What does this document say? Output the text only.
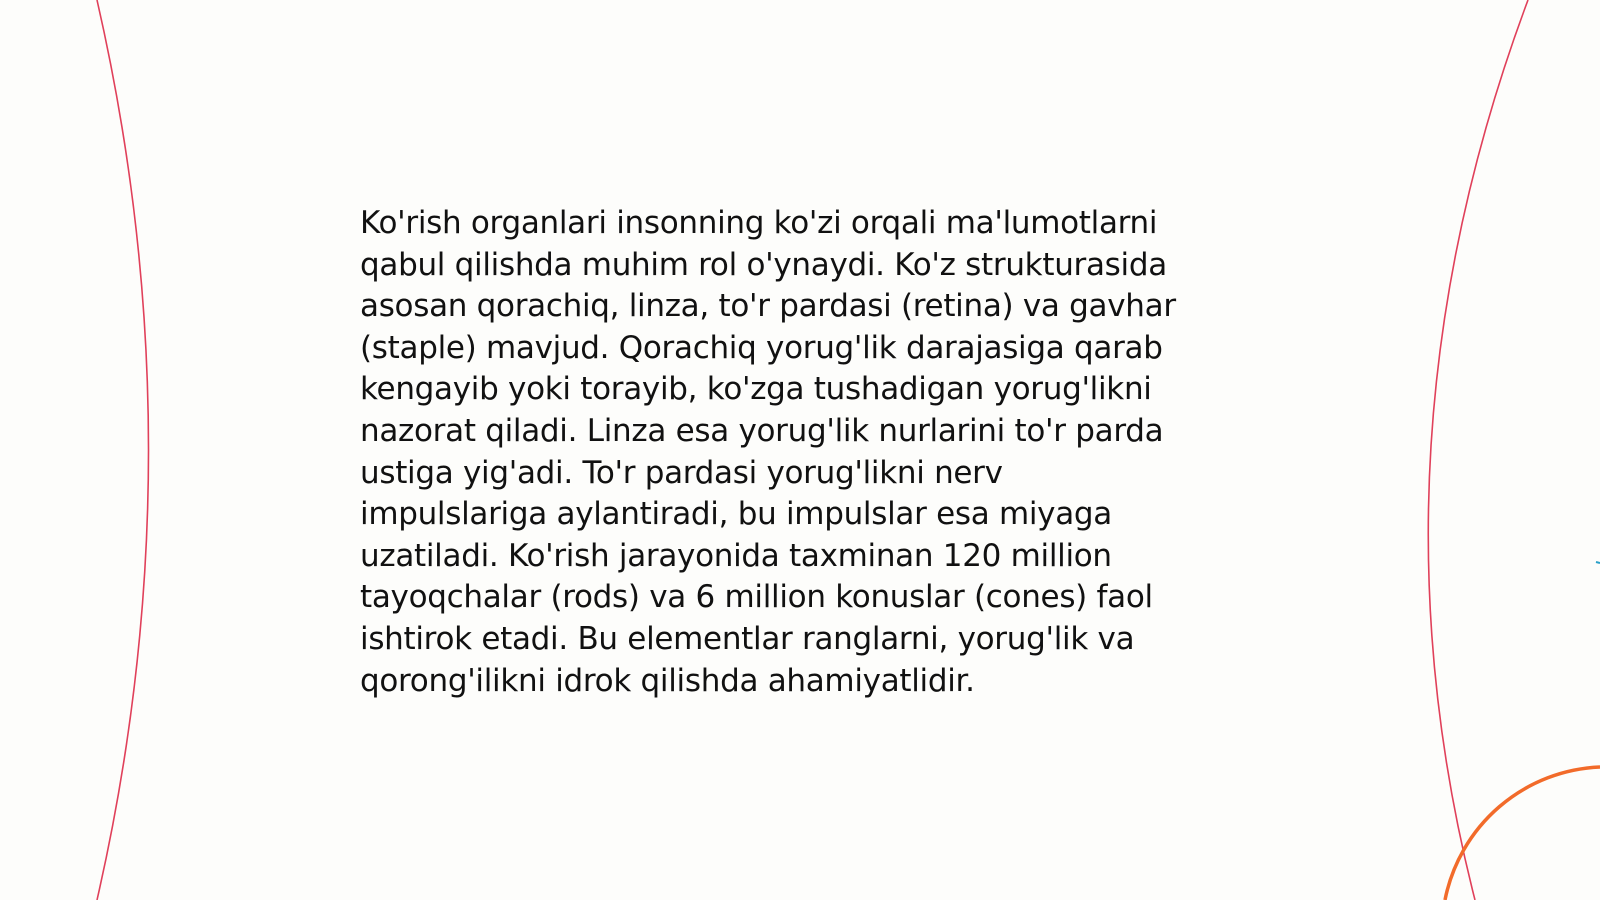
Ko'rish organlari insonning ko'zi orqali ma'lumotlarni
qabul qilishda muhim rol o'ynaydi. Ko'z strukturasida
asosan qorachiq, linza, to'r pardasi (retina) va gavhar
(staple) mavjud. Qorachiq yorug'lik darajasiga qarab
kengayib yoki torayib, ko'zga tushadigan yorug'likni
nazorat qiladi. Linza esa yorug'lik nurlarini to'r parda
ustiga yig'adi. To'r pardasi yorug'likni nerv
impulslariga aylantiradi, bu impulslar esa miyaga
uzatiladi. Ko'rish jarayonida taxminan 120 million
tayoqchalar (rods) va 6 million konuslar (cones) faol
ishtirok etadi. Bu elementlar ranglarni, yorug'lik va
qorong'ilikni idrok qilishda ahamiyatlidir.
